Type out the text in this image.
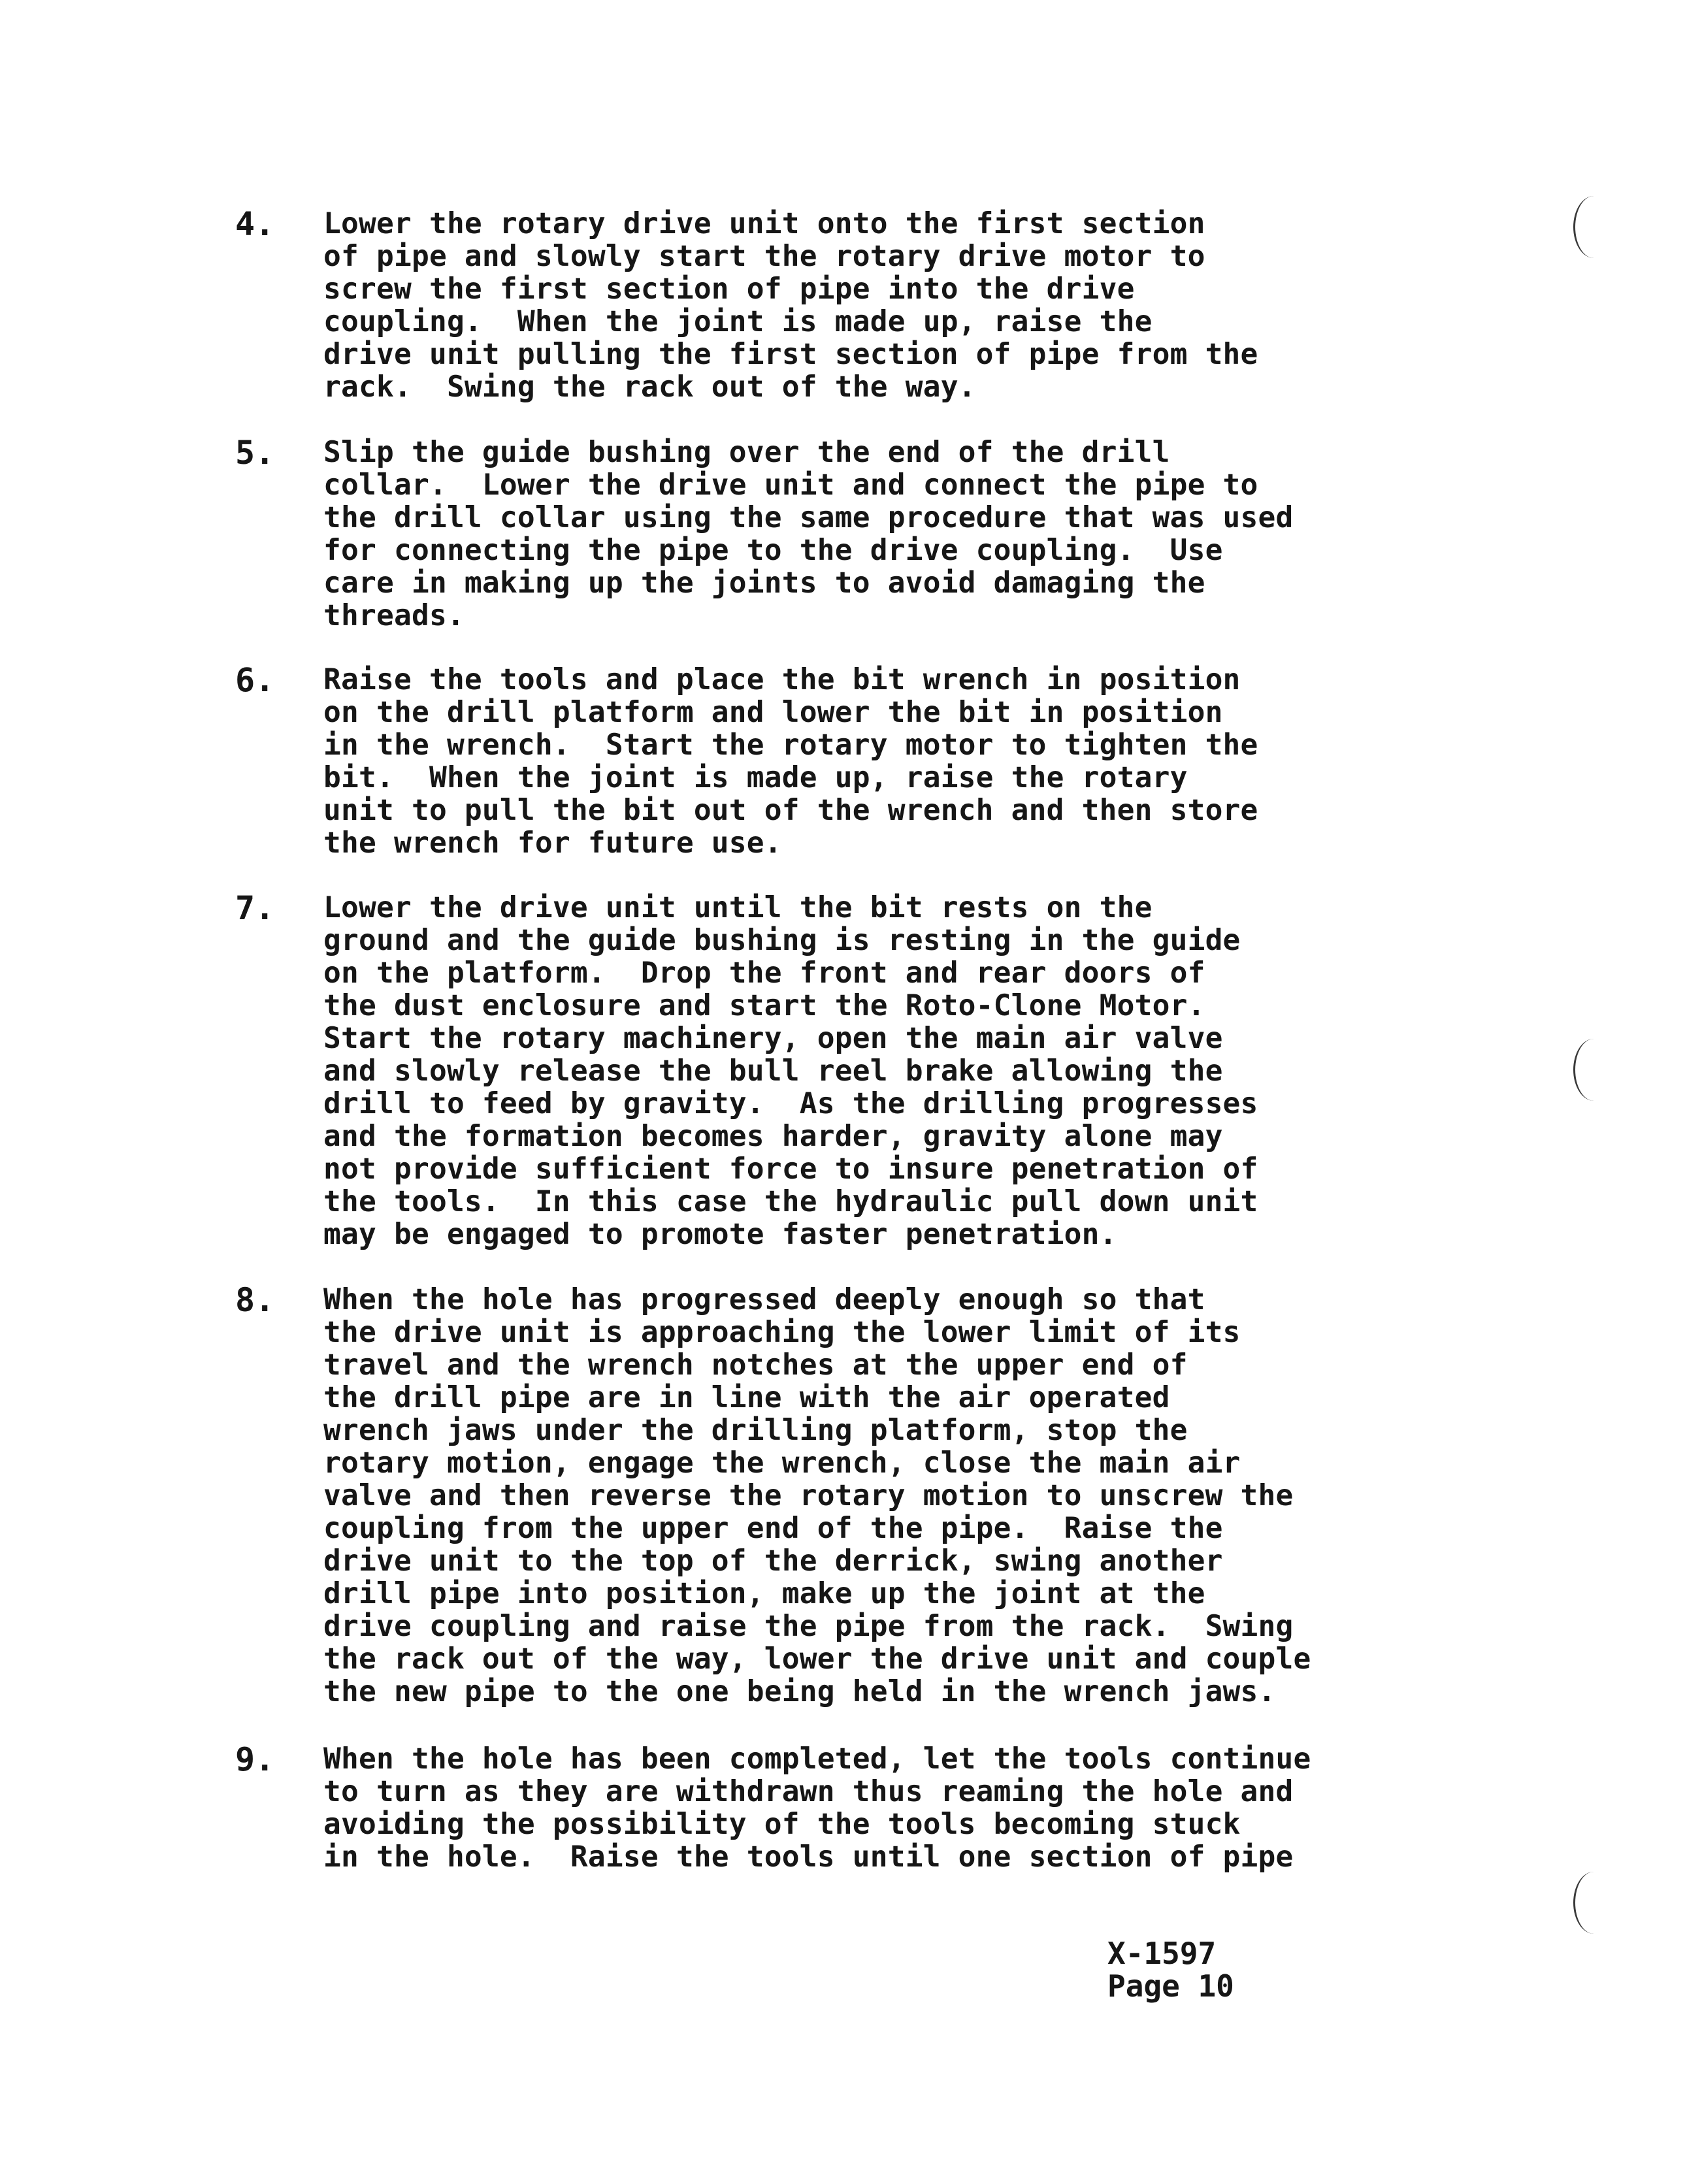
4. Lower the rotary drive unit onto the first section
of pipe and slowly start the rotary drive motor to
screw the first section of pipe into the drive
coupling.  When the joint is made up, raise the
drive unit pulling the first section of pipe from the
rack.  Swing the rack out of the way.
5. Slip the guide bushing over the end of the drill
collar.  Lower the drive unit and connect the pipe to
the drill collar using the same procedure that was used
for connecting the pipe to the drive coupling.  Use
care in making up the joints to avoid damaging the
threads.
6. Raise the tools and place the bit wrench in position
on the drill platform and lower the bit in position
in the wrench.  Start the rotary motor to tighten the
bit.  When the joint is made up, raise the rotary
unit to pull the bit out of the wrench and then store
the wrench for future use.
7. Lower the drive unit until the bit rests on the
ground and the guide bushing is resting in the guide
on the platform.  Drop the front and rear doors of
the dust enclosure and start the Roto-Clone Motor.
Start the rotary machinery, open the main air valve
and slowly release the bull reel brake allowing the
drill to feed by gravity.  As the drilling progresses
and the formation becomes harder, gravity alone may
not provide sufficient force to insure penetration of
the tools.  In this case the hydraulic pull down unit
may be engaged to promote faster penetration.
8. When the hole has progressed deeply enough so that
the drive unit is approaching the lower limit of its
travel and the wrench notches at the upper end of
the drill pipe are in line with the air operated
wrench jaws under the drilling platform, stop the
rotary motion, engage the wrench, close the main air
valve and then reverse the rotary motion to unscrew the
coupling from the upper end of the pipe.  Raise the
drive unit to the top of the derrick, swing another
drill pipe into position, make up the joint at the
drive coupling and raise the pipe from the rack.  Swing
the rack out of the way, lower the drive unit and couple
the new pipe to the one being held in the wrench jaws.
9. When the hole has been completed, let the tools continue
to turn as they are withdrawn thus reaming the hole and
avoiding the possibility of the tools becoming stuck
in the hole.  Raise the tools until one section of pipe
X-1597
Page 10
